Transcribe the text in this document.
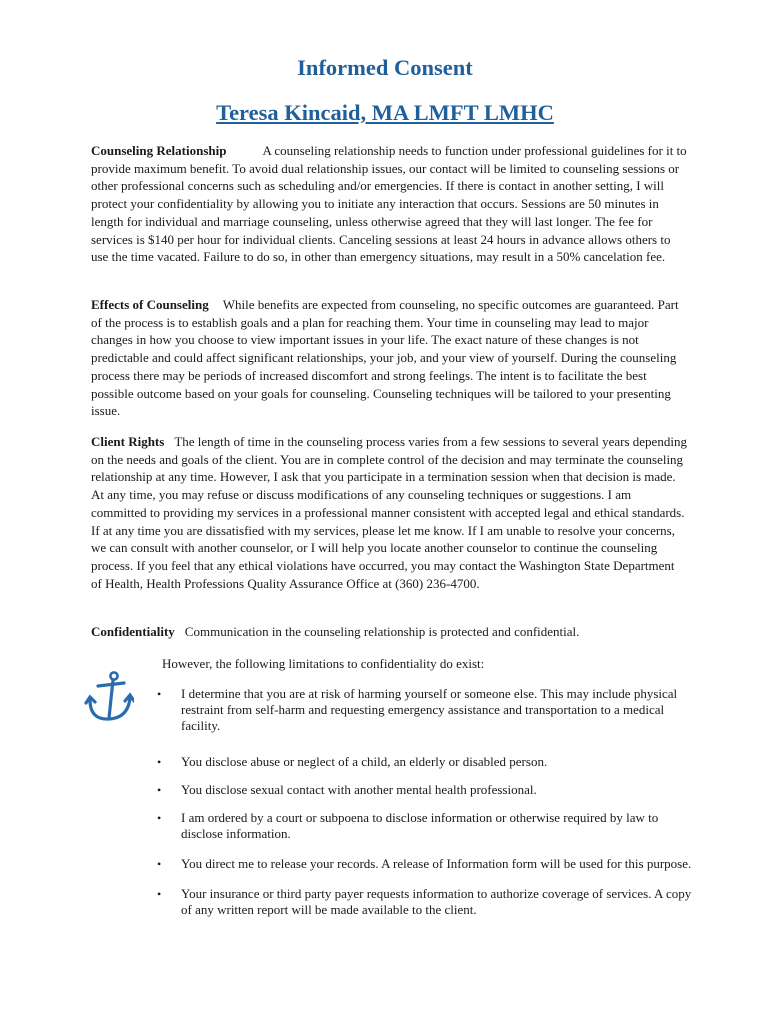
Informed Consent
Teresa Kincaid, MA LMFT LMHC

Counseling Relationship	A counseling relationship needs to function under professional guidelines for it to provide maximum benefit. To avoid dual relationship issues, our contact will be limited to counseling sessions or other professional concerns such as scheduling and/or emergencies. If there is contact in another setting, I will protect your confidentiality by allowing you to initiate any interaction that occurs. Sessions are 50 minutes in length for individual and marriage counseling, unless otherwise agreed that they will last longer. The fee for services is $140 per hour for individual clients. Canceling sessions at least 24 hours in advance allows others to use the time vacated. Failure to do so, in other than emergency situations, may result in a 50% cancelation fee.

Effects of Counseling While benefits are expected from counseling, no specific outcomes are guaranteed. Part of the process is to establish goals and a plan for reaching them. Your time in counseling may lead to major changes in how you choose to view important issues in your life. The exact nature of these changes is not predictable and could affect significant relationships, your job, and your view of yourself. During the counseling process there may be periods of increased discomfort and strong feelings. The intent is to facilitate the best possible outcome based on your goals for counseling. Counseling techniques will be tailored to your presenting issue.

Client Rights The length of time in the counseling process varies from a few sessions to several years depending on the needs and goals of the client. You are in complete control of the decision and may terminate the counseling relationship at any time. However, I ask that you participate in a termination session when that decision is made. At any time, you may refuse or discuss modifications of any counseling techniques or suggestions. I am committed to providing my services in a professional manner consistent with accepted legal and ethical standards. If at any time you are dissatisfied with my services, please let me know. If I am unable to resolve your concerns, we can consult with another counselor, or I will help you locate another counselor to continue the counseling process. If you feel that any ethical violations have occurred, you may contact the Washington State Department of Health, Health Professions Quality Assurance Office at (360) 236-4700.

Confidentiality Communication in the counseling relationship is protected and confidential.

However, the following limitations to confidentiality do exist:

• I determine that you are at risk of harming yourself or someone else. This may include physical restraint from self-harm and requesting emergency assistance and transportation to a medical facility.
• You disclose abuse or neglect of a child, an elderly or disabled person.
• You disclose sexual contact with another mental health professional.
• I am ordered by a court or subpoena to disclose information or otherwise required by law to disclose information.
• You direct me to release your records. A release of Information form will be used for this purpose.
• Your insurance or third party payer requests information to authorize coverage of services. A copy of any written report will be made available to the client.
